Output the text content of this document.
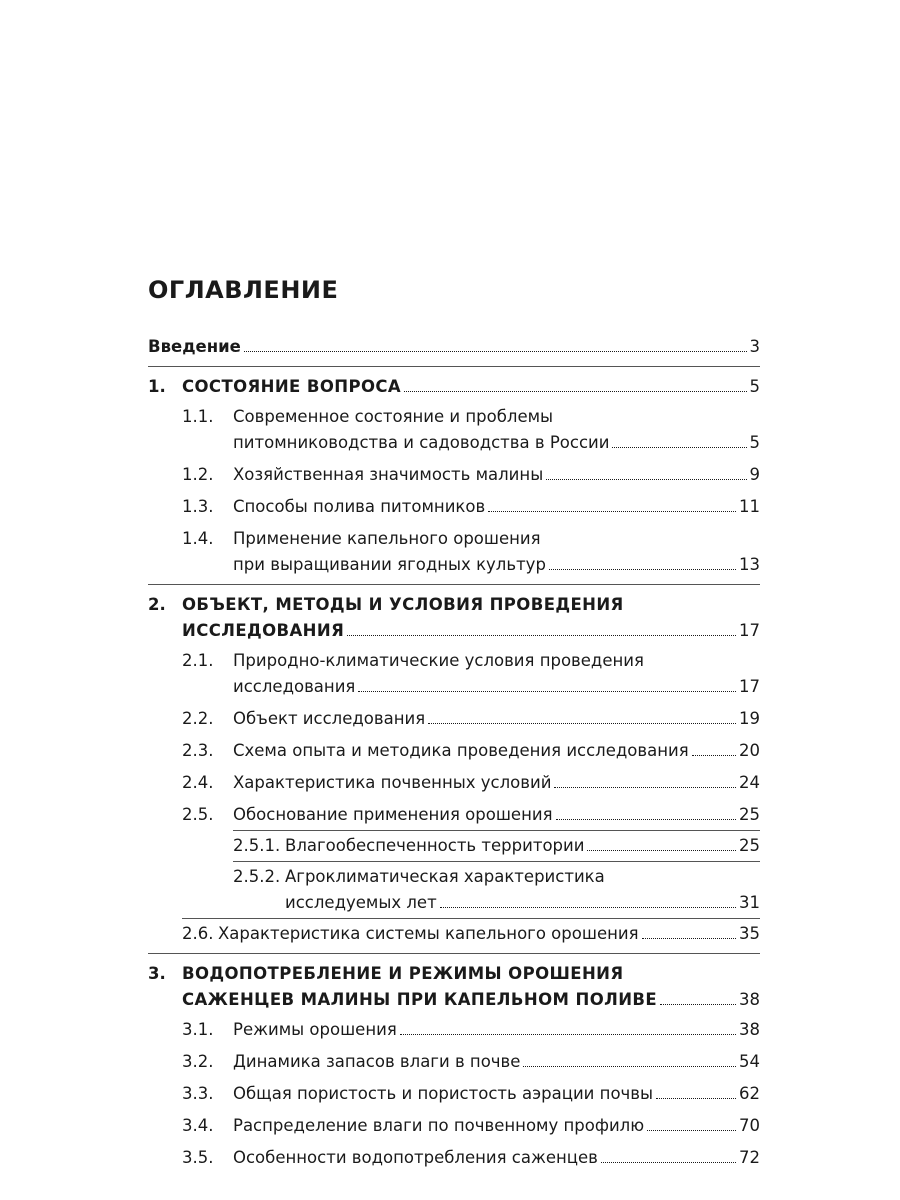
ОГЛАВЛЕНИЕ
Введение	3
1. СОСТОЯНИЕ ВОПРОСА	5
1.1. Современное состояние и проблемы
питомниководства и садоводства в России	5
1.2. Хозяйственная значимость малины	9
1.3. Способы полива питомников	11
1.4. Применение капельного орошения
при выращивании ягодных культур	13
2. ОБЪЕКТ, МЕТОДЫ И УСЛОВИЯ ПРОВЕДЕНИЯ
ИССЛЕДОВАНИЯ	17
2.1. Природно-климатические условия проведения
исследования	17
2.2. Объект исследования	19
2.3. Схема опыта и методика проведения исследования	20
2.4. Характеристика почвенных условий	24
2.5. Обоснование применения орошения	25
2.5.1. Влагообеспеченность территории	25
2.5.2. Агроклиматическая характеристика
исследуемых лет	31
2.6. Характеристика системы капельного орошения	35
3. ВОДОПОТРЕБЛЕНИЕ И РЕЖИМЫ ОРОШЕНИЯ
САЖЕНЦЕВ МАЛИНЫ ПРИ КАПЕЛЬНОМ ПОЛИВЕ	38
3.1. Режимы орошения	38
3.2. Динамика запасов влаги в почве	54
3.3. Общая пористость и пористость аэрации почвы	62
3.4. Распределение влаги по почвенному профилю	70
3.5. Особенности водопотребления саженцев	72
